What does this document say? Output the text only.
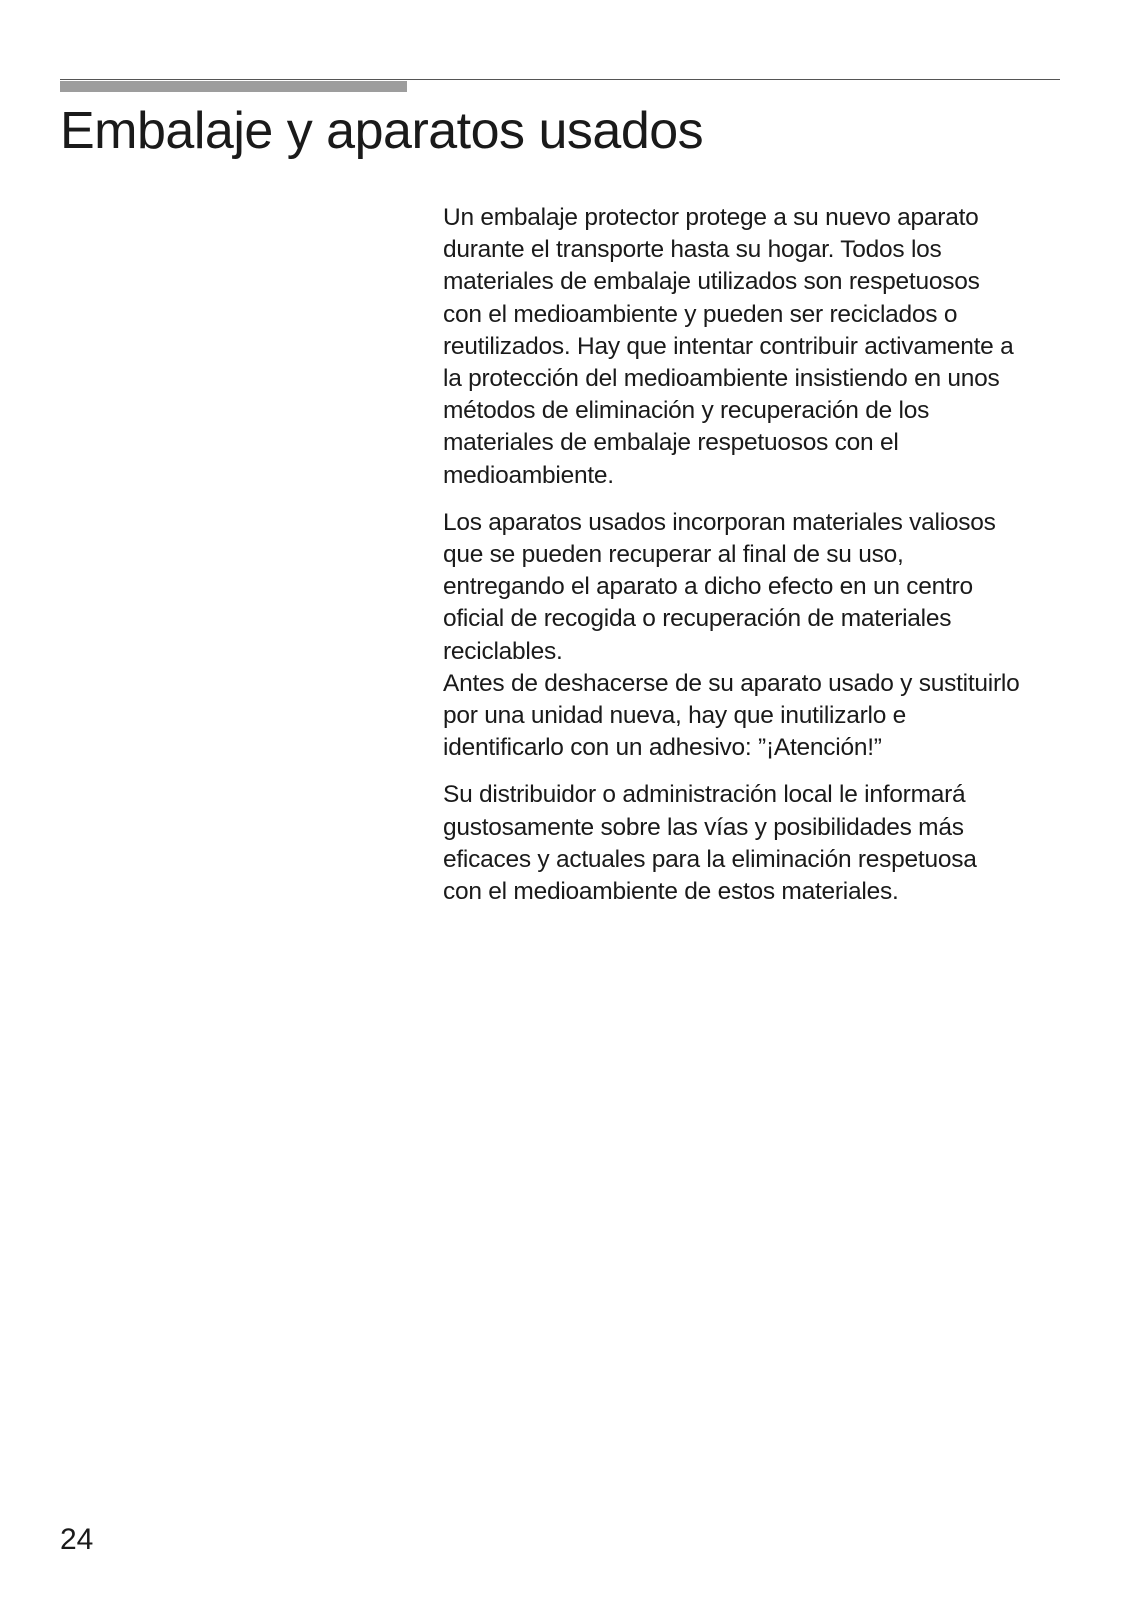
Embalaje y aparatos usados

Un embalaje protector protege a su nuevo aparato
durante el transporte hasta su hogar. Todos los
materiales de embalaje utilizados son respetuosos
con el medioambiente y pueden ser reciclados o
reutilizados. Hay que intentar contribuir activamente a
la protección del medioambiente insistiendo en unos
métodos de eliminación y recuperación de los
materiales de embalaje respetuosos con el
medioambiente.

Los aparatos usados incorporan materiales valiosos
que se pueden recuperar al final de su uso,
entregando el aparato a dicho efecto en un centro
oficial de recogida o recuperación de materiales
reciclables.
Antes de deshacerse de su aparato usado y sustituirlo
por una unidad nueva, hay que inutilizarlo e
identificarlo con un adhesivo: ”¡Atención!”

Su distribuidor o administración local le informará
gustosamente sobre las vías y posibilidades más
eficaces y actuales para la eliminación respetuosa
con el medioambiente de estos materiales.

24
